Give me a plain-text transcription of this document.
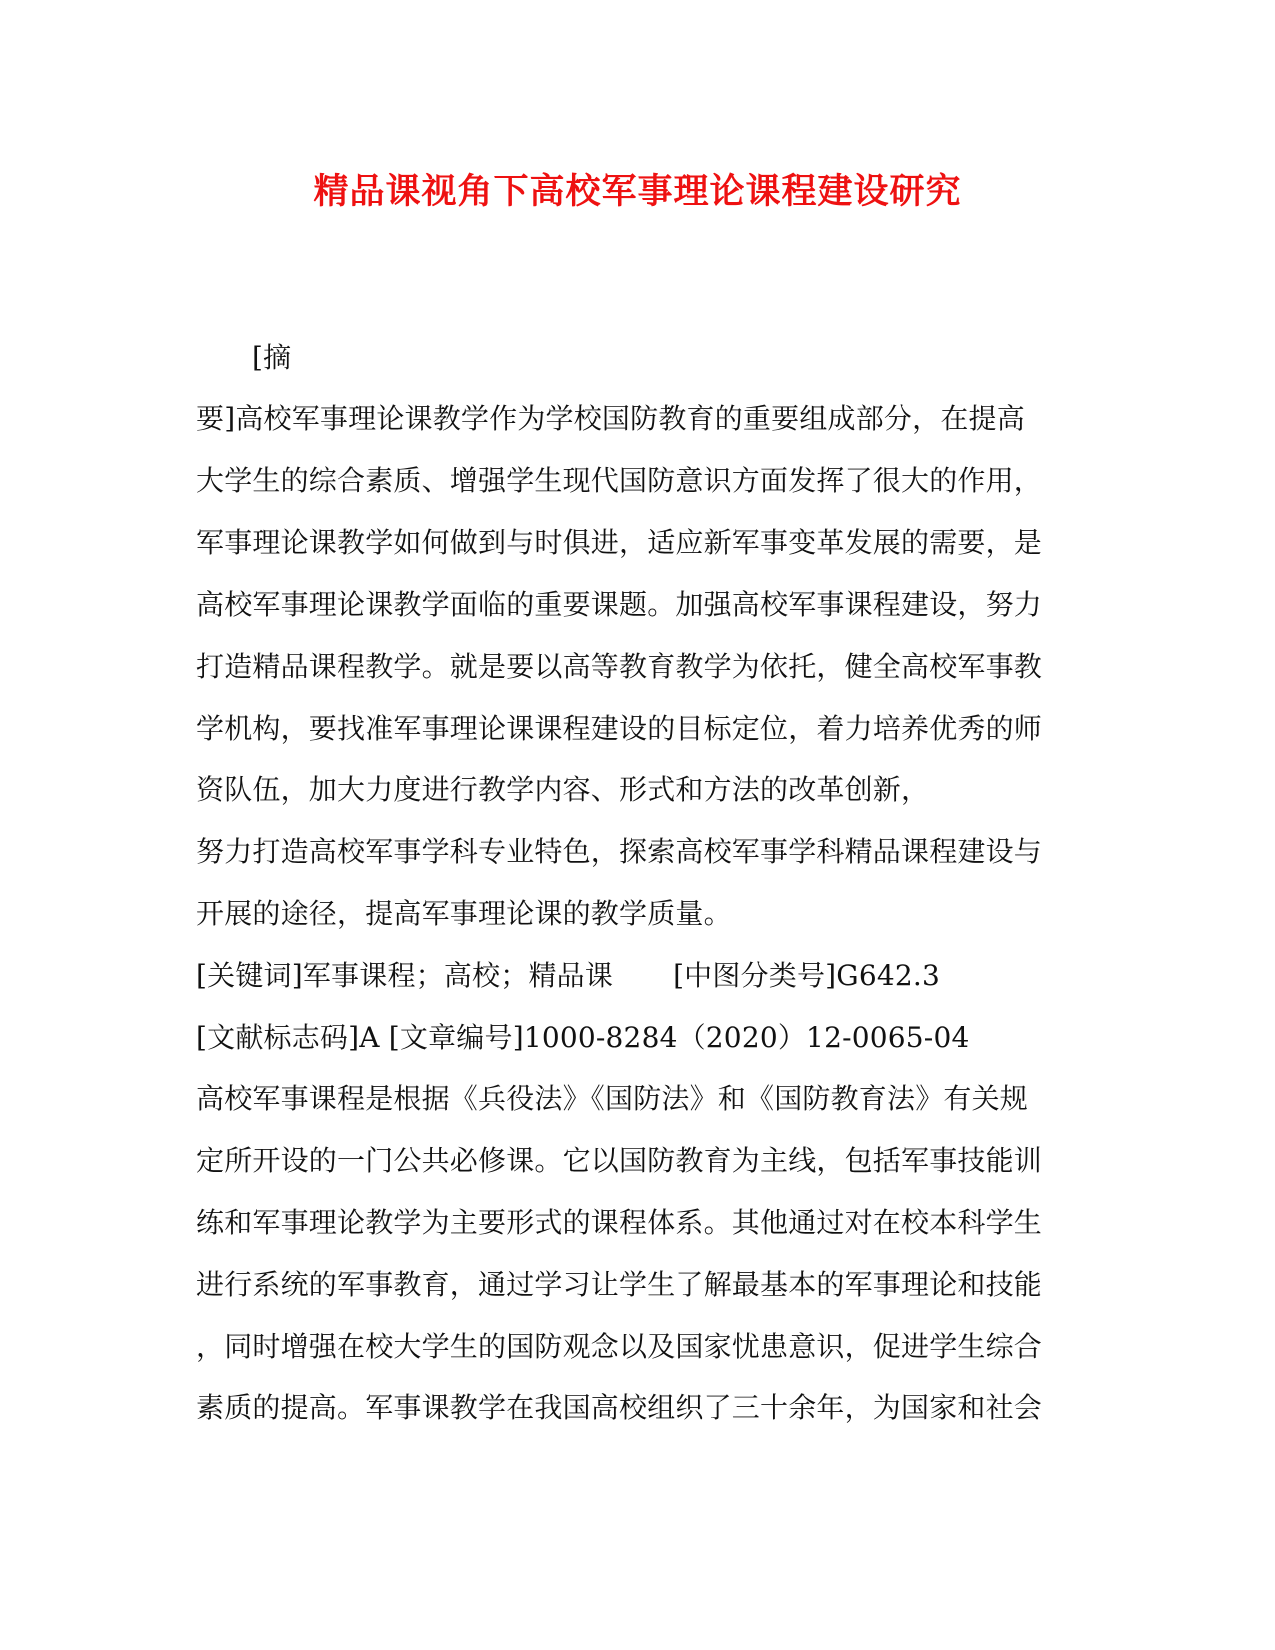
精品课视角下高校军事理论课程建设研究
[摘
要]高校军事理论课教学作为学校国防教育的重要组成部分，在提高
大学生的综合素质、增强学生现代国防意识方面发挥了很大的作用，
军事理论课教学如何做到与时俱进，适应新军事变革发展的需要，是
高校军事理论课教学面临的重要课题。加强高校军事课程建设，努力
打造精品课程教学。就是要以高等教育教学为依托，健全高校军事教
学机构，要找准军事理论课课程建设的目标定位，着力培养优秀的师
资队伍，加大力度进行教学内容、形式和方法的改革创新，
努力打造高校军事学科专业特色，探索高校军事学科精品课程建设与
开展的途径，提高军事理论课的教学质量。
[关键词]军事课程；高校；精品课 [中图分类号]G642.3
[文献标志码]A [文章编号]1000-8284（2020）12-0065-04
高校军事课程是根据《兵役法》《国防法》和《国防教育法》有关规
定所开设的一门公共必修课。它以国防教育为主线，包括军事技能训
练和军事理论教学为主要形式的课程体系。其他通过对在校本科学生
进行系统的军事教育，通过学习让学生了解最基本的军事理论和技能
，同时增强在校大学生的国防观念以及国家忧患意识，促进学生综合
素质的提高。军事课教学在我国高校组织了三十余年，为国家和社会
